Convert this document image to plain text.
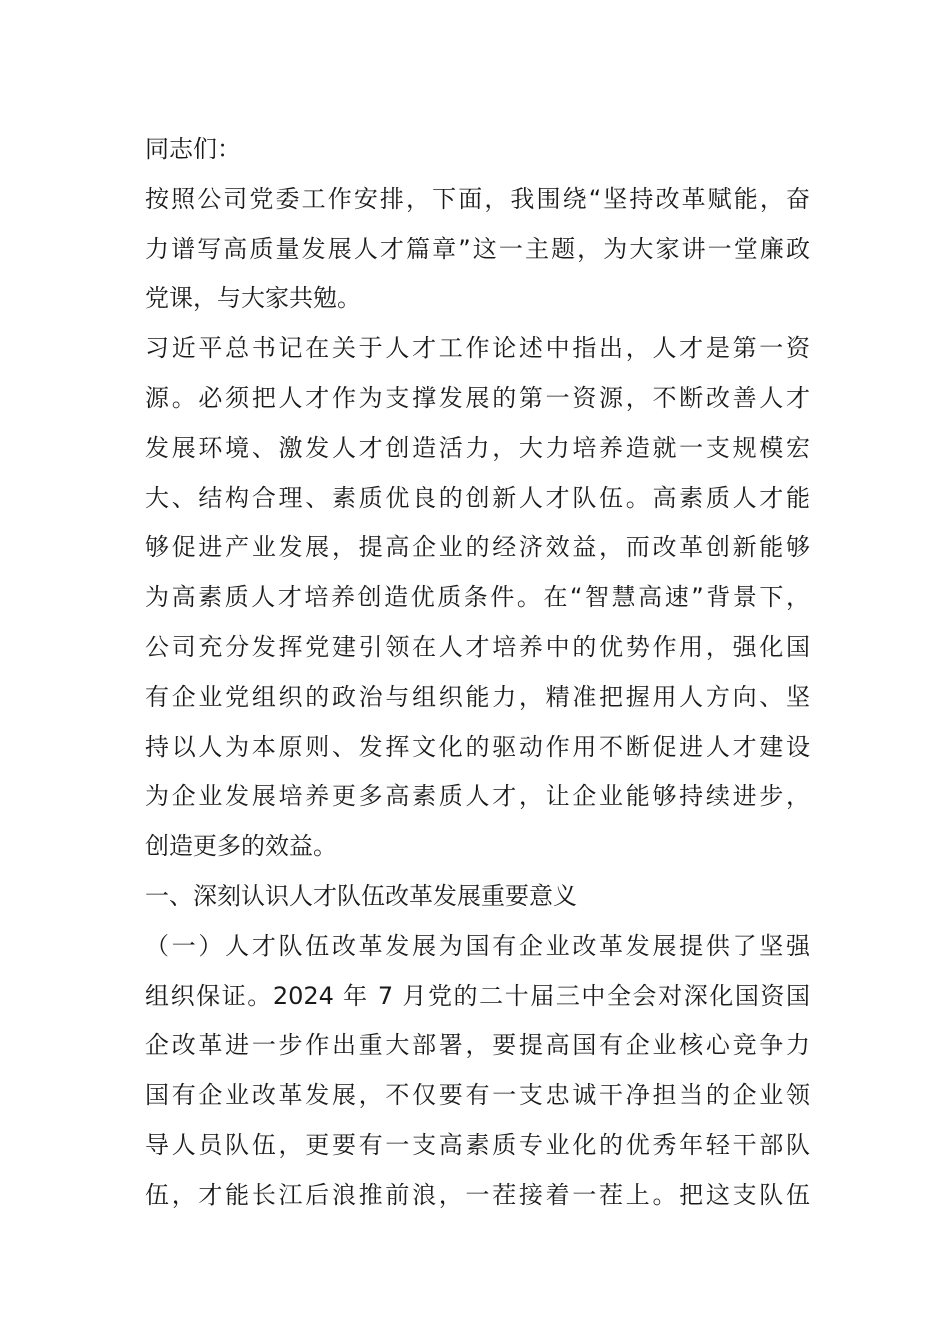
同志们：
按照公司党委工作安排，下面，我围绕“坚持改革赋能，奋
力谱写高质量发展人才篇章”这一主题，为大家讲一堂廉政
党课，与大家共勉。
习近平总书记在关于人才工作论述中指出，人才是第一资
源。必须把人才作为支撑发展的第一资源，不断改善人才
发展环境、激发人才创造活力，大力培养造就一支规模宏
大、结构合理、素质优良的创新人才队伍。高素质人才能
够促进产业发展，提高企业的经济效益，而改革创新能够
为高素质人才培养创造优质条件。在“智慧高速”背景下，
公司充分发挥党建引领在人才培养中的优势作用，强化国
有企业党组织的政治与组织能力，精准把握用人方向、坚
持以人为本原则、发挥文化的驱动作用不断促进人才建设
为企业发展培养更多高素质人才，让企业能够持续进步，
创造更多的效益。
一、深刻认识人才队伍改革发展重要意义
（一）人才队伍改革发展为国有企业改革发展提供了坚强
组织保证。2024 年 7 月党的二十届三中全会对深化国资国
企改革进一步作出重大部署，要提高国有企业核心竞争力
国有企业改革发展，不仅要有一支忠诚干净担当的企业领
导人员队伍，更要有一支高素质专业化的优秀年轻干部队
伍，才能长江后浪推前浪，一茬接着一茬上。把这支队伍
